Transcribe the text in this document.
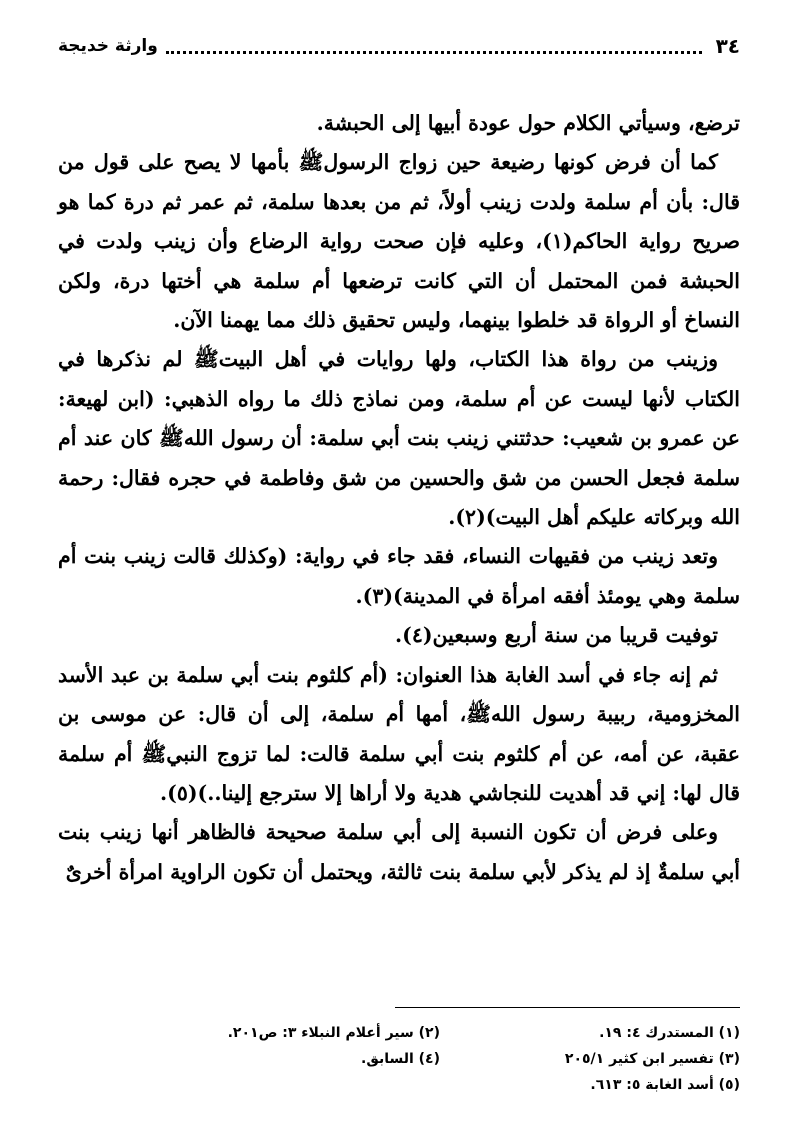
٣٤
وارثة خديجة

ترضع، وسيأتي الكلام حول عودة أبيها إلى الحبشة.

كما أن فرض كونها رضيعة حين زواج الرسولﷺ بأمها لا يصح على قول من قال: بأن أم سلمة ولدت زينب أولاً، ثم من بعدها سلمة، ثم عمر ثم درة كما هو صريح رواية الحاكم(١)، وعليه فإن صحت رواية الرضاع وأن زينب ولدت في الحبشة فمن المحتمل أن التي كانت ترضعها أم سلمة هي أختها درة، ولكن النساخ أو الرواة قد خلطوا بينهما، وليس تحقيق ذلك مما يهمنا الآن.

وزينب من رواة هذا الكتاب، ولها روايات في أهل البيتﷺ لم نذكرها في الكتاب لأنها ليست عن أم سلمة، ومن نماذج ذلك ما رواه الذهبي: (ابن لهيعة: عن عمرو بن شعيب: حدثتني زينب بنت أبي سلمة: أن رسول اللهﷺ كان عند أم سلمة فجعل الحسن من شق والحسين من شق وفاطمة في حجره فقال: رحمة الله وبركاته عليكم أهل البيت)(٢).

وتعد زينب من فقيهات النساء، فقد جاء في رواية: (وكذلك قالت زينب بنت أم سلمة وهي يومئذ أفقه امرأة في المدينة)(٣).

توفيت قريبا من سنة أربع وسبعين(٤).

ثم إنه جاء في أسد الغابة هذا العنوان: (أم كلثوم بنت أبي سلمة بن عبد الأسد المخزومية، ربيبة رسول اللهﷺ، أمها أم سلمة، إلى أن قال: عن موسى بن عقبة، عن أمه، عن أم كلثوم بنت أبي سلمة قالت: لما تزوج النبيﷺ أم سلمة قال لها: إني قد أهديت للنجاشي هدية ولا أراها إلا سترجع إلينا..)(٥).

وعلى فرض أن تكون النسبة إلى أبي سلمة صحيحة فالظاهر أنها زينب بنت أبي سلمةٌ إذ لم يذكر لأبي سلمة بنت ثالثة، ويحتمل أن تكون الراوية امرأة أخرىٌ

(١) المستدرك ٤: ١٩.
(٢) سير أعلام النبلاء ٣: ص٢٠١.
(٣) تفسير ابن كثير ٢٠٥/١
(٤) السابق.
(٥) أسد الغابة ٥: ٦١٣.
